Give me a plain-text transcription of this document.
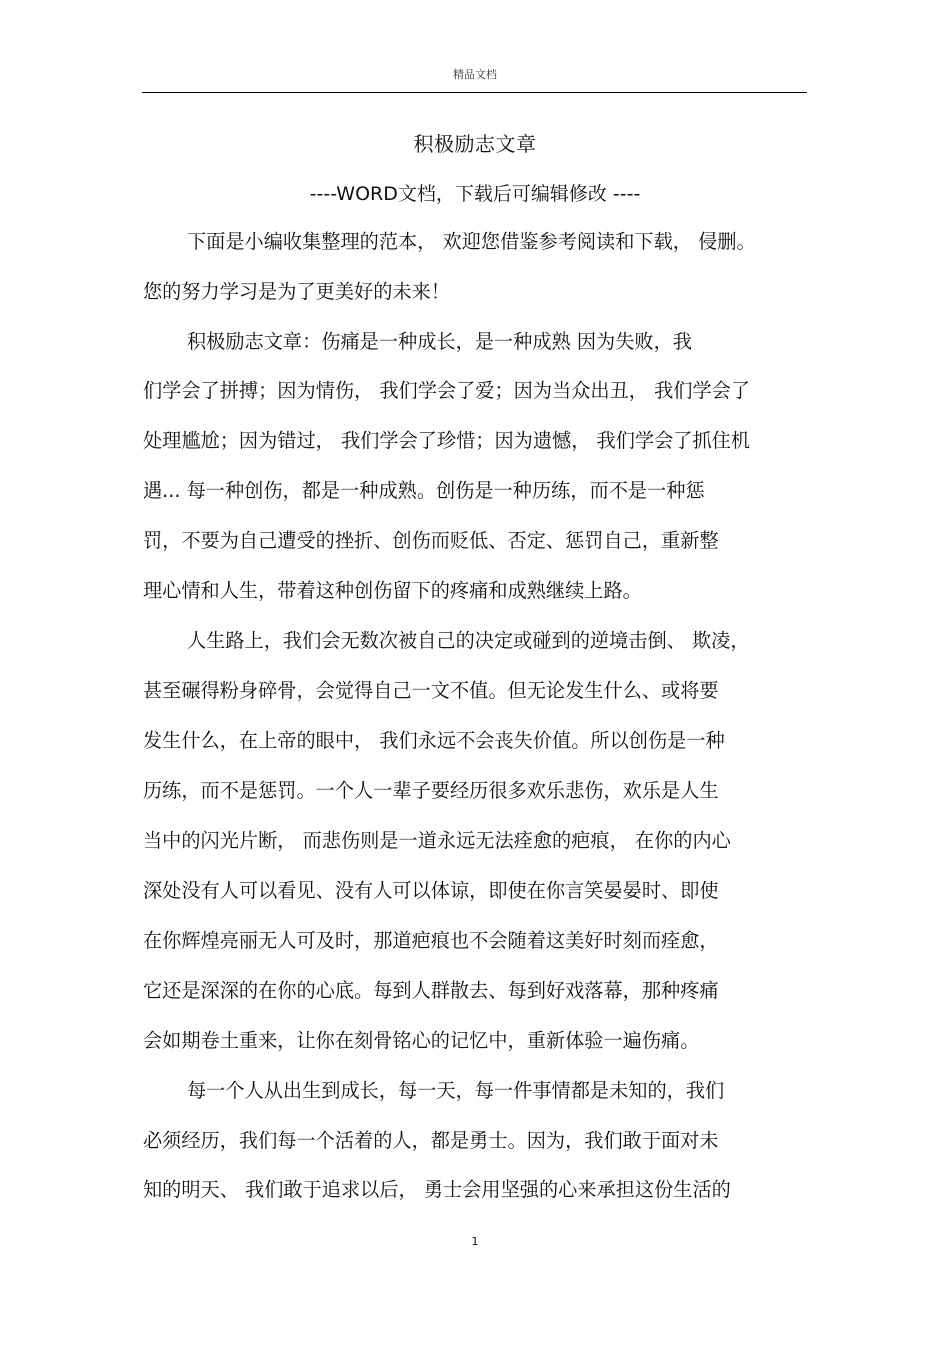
精品文档
积极励志文章
----WORD文档，下载后可编辑修改 ----
下面是小编收集整理的范本， 欢迎您借鉴参考阅读和下载， 侵删。
您的努力学习是为了更美好的未来！
积极励志文章：伤痛是一种成长，是一种成熟 因为失败，我
们学会了拼搏；因为情伤， 我们学会了爱；因为当众出丑， 我们学会了
处理尴尬；因为错过， 我们学会了珍惜；因为遗憾， 我们学会了抓住机
遇... 每一种创伤，都是一种成熟。创伤是一种历练，而不是一种惩
罚，不要为自己遭受的挫折、创伤而贬低、否定、惩罚自己，重新整
理心情和人生，带着这种创伤留下的疼痛和成熟继续上路。
人生路上，我们会无数次被自己的决定或碰到的逆境击倒、 欺凌，
甚至碾得粉身碎骨，会觉得自己一文不值。但无论发生什么、或将要
发生什么，在上帝的眼中， 我们永远不会丧失价值。所以创伤是一种
历练，而不是惩罚。一个人一辈子要经历很多欢乐悲伤，欢乐是人生
当中的闪光片断， 而悲伤则是一道永远无法痊愈的疤痕， 在你的内心
深处没有人可以看见、没有人可以体谅，即使在你言笑晏晏时、即使
在你辉煌亮丽无人可及时，那道疤痕也不会随着这美好时刻而痊愈，
它还是深深的在你的心底。每到人群散去、每到好戏落幕，那种疼痛
会如期卷土重来，让你在刻骨铭心的记忆中，重新体验一遍伤痛。
每一个人从出生到成长，每一天，每一件事情都是未知的，我们
必须经历，我们每一个活着的人，都是勇士。因为，我们敢于面对未
知的明天、 我们敢于追求以后， 勇士会用坚强的心来承担这份生活的
1
